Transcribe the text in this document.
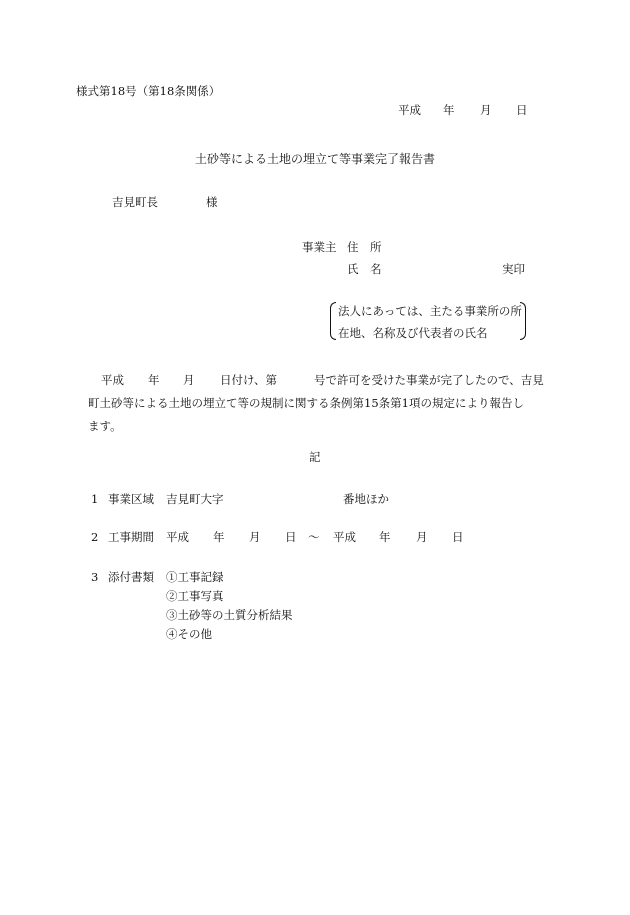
様式第18号（第18条関係）
平成 年 月 日
土砂等による土地の埋立て等事業完了報告書
吉見町長	様
事業主 住　所
氏　名	実印
法人にあっては、主たる事業所の所
在地、名称及び代表者の氏名
平成 年 月 日付け、第	号で許可を受けた事業が完了したので、吉見
町土砂等による土地の埋立て等の規制に関する条例第15条第1項の規定により報告し
ます。
記
1 事業区域 吉見町大字	番地ほか
2 工事期間 平成 年 月 日 〜 平成 年 月 日
3 添付書類 ①工事記録
②工事写真
③土砂等の土質分析結果
④その他
